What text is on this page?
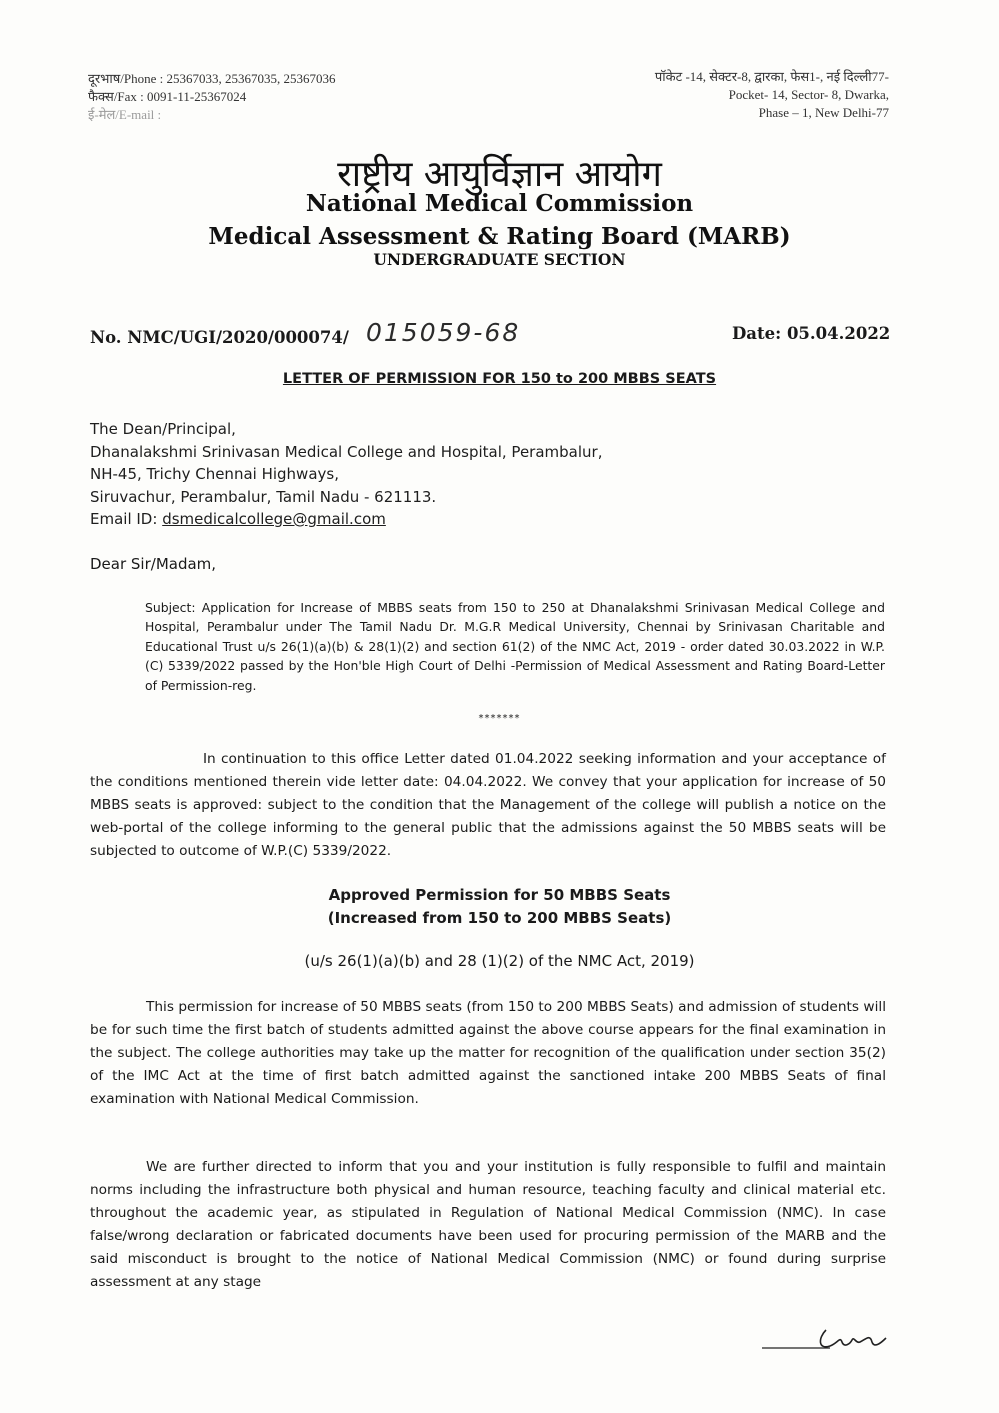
दूरभाष/Phone : 25367033, 25367035, 25367036
फैक्स/Fax : 0091-11-25367024
ई-मेल/E-mail :
पॉकेट -14, सेक्टर-8, द्वारका, फेस1-, नई दिल्ली77-
Pocket- 14, Sector- 8, Dwarka,
Phase – 1, New Delhi-77
राष्ट्रीय आयुर्विज्ञान आयोग
National Medical Commission
Medical Assessment & Rating Board (MARB)
UNDERGRADUATE SECTION
No. NMC/UGI/2020/000074/ 015059-68	Date: 05.04.2022
LETTER OF PERMISSION FOR 150 to 200 MBBS SEATS
The Dean/Principal,
Dhanalakshmi Srinivasan Medical College and Hospital, Perambalur,
NH-45, Trichy Chennai Highways,
Siruvachur, Perambalur, Tamil Nadu - 621113.
Email ID: dsmedicalcollege@gmail.com
Dear Sir/Madam,
Subject: Application for Increase of MBBS seats from 150 to 250 at Dhanalakshmi Srinivasan Medical College and Hospital, Perambalur under The Tamil Nadu Dr. M.G.R Medical University, Chennai by Srinivasan Charitable and Educational Trust u/s 26(1)(a)(b) & 28(1)(2) and section 61(2) of the NMC Act, 2019 - order dated 30.03.2022 in W.P.(C) 5339/2022 passed by the Hon'ble High Court of Delhi -Permission of Medical Assessment and Rating Board-Letter of Permission-reg.
*******
In continuation to this office Letter dated 01.04.2022 seeking information and your acceptance of the conditions mentioned therein vide letter date: 04.04.2022. We convey that your application for increase of 50 MBBS seats is approved: subject to the condition that the Management of the college will publish a notice on the web-portal of the college informing to the general public that the admissions against the 50 MBBS seats will be subjected to outcome of W.P.(C) 5339/2022.
Approved Permission for 50 MBBS Seats
(Increased from 150 to 200 MBBS Seats)
(u/s 26(1)(a)(b) and 28 (1)(2) of the NMC Act, 2019)
This permission for increase of 50 MBBS seats (from 150 to 200 MBBS Seats) and admission of students will be for such time the first batch of students admitted against the above course appears for the final examination in the subject. The college authorities may take up the matter for recognition of the qualification under section 35(2) of the IMC Act at the time of first batch admitted against the sanctioned intake 200 MBBS Seats of final examination with National Medical Commission.
We are further directed to inform that you and your institution is fully responsible to fulfil and maintain norms including the infrastructure both physical and human resource, teaching faculty and clinical material etc. throughout the academic year, as stipulated in Regulation of National Medical Commission (NMC). In case false/wrong declaration or fabricated documents have been used for procuring permission of the MARB and the said misconduct is brought to the notice of National Medical Commission (NMC) or found during surprise assessment at any stage
